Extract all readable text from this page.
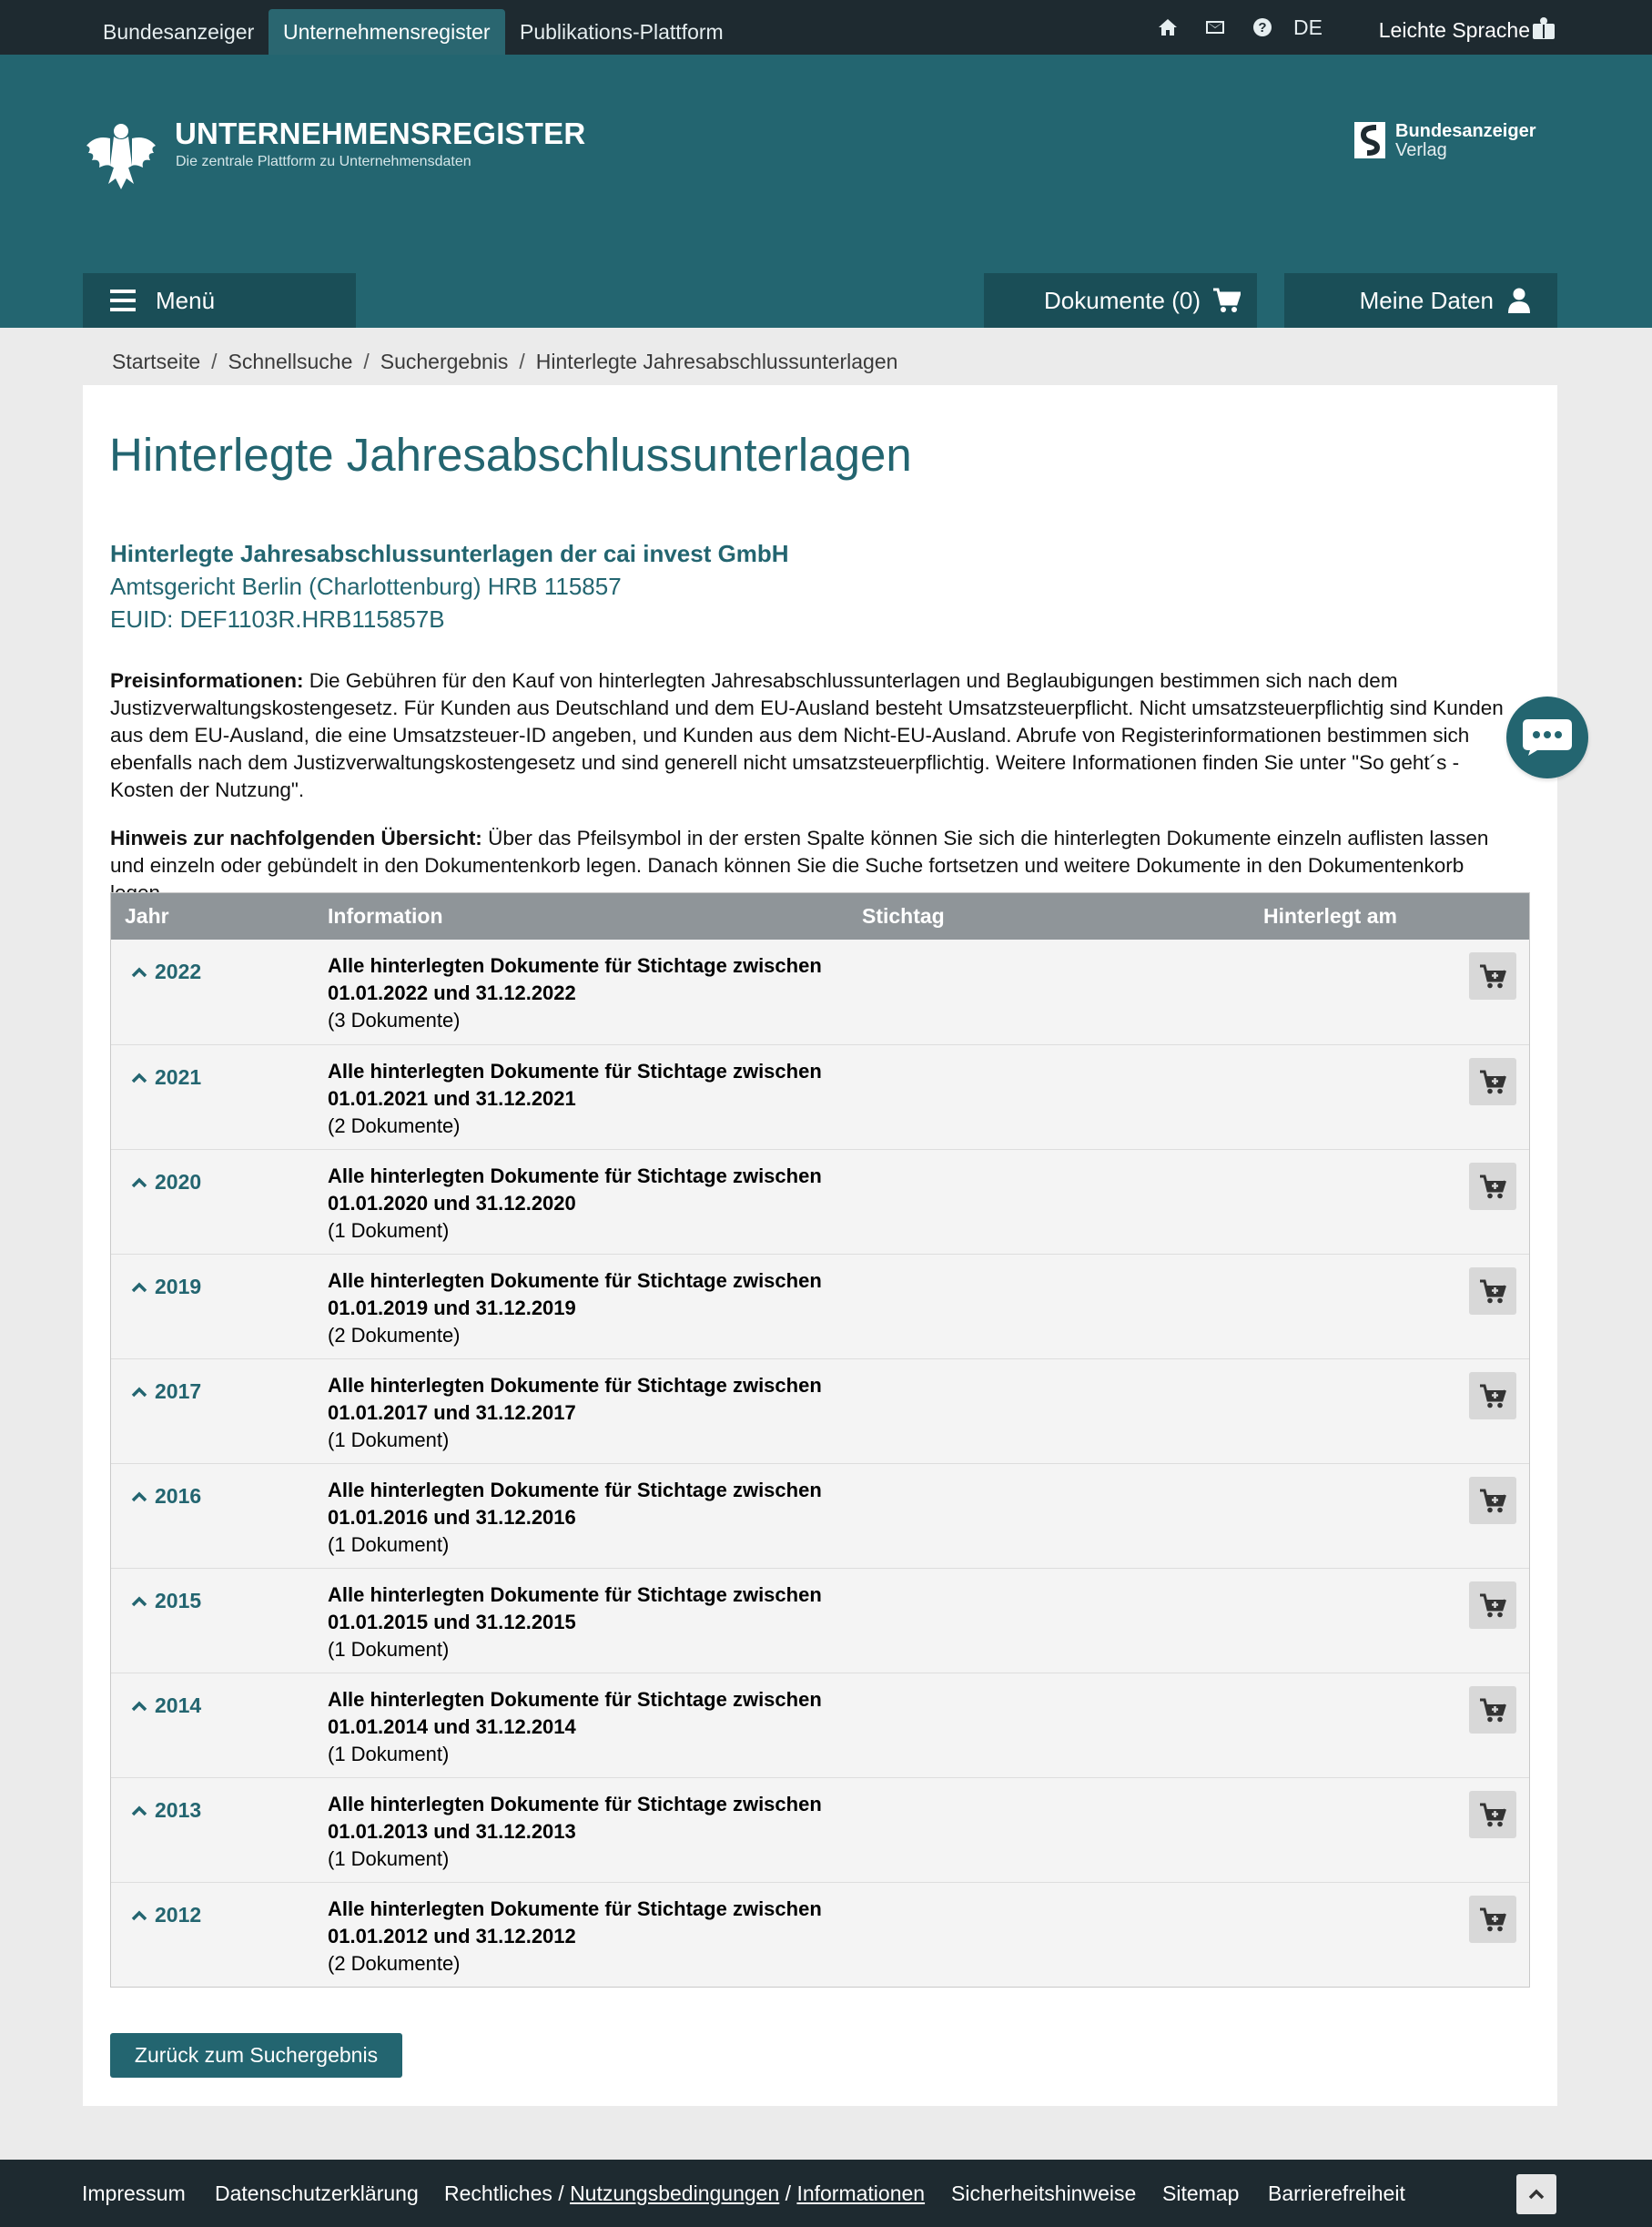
Bundesanzeiger	Unternehmensregister	Publikations-Plattform	? DE	Leichte Sprache
UNTERNEHMENSREGISTER
Die zentrale Plattform zu Unternehmensdaten
Bundesanzeiger
Verlag
Menü	Dokumente (0)	Meine Daten
Startseite / Schnellsuche / Suchergebnis / Hinterlegte Jahresabschlussunterlagen
Hinterlegte Jahresabschlussunterlagen
Hinterlegte Jahresabschlussunterlagen der cai invest GmbH
Amtsgericht Berlin (Charlottenburg) HRB 115857
EUID: DEF1103R.HRB115857B

Preisinformationen: Die Gebühren für den Kauf von hinterlegten Jahresabschlussunterlagen und Beglaubigungen bestimmen sich nach dem Justizverwaltungskostengesetz. Für Kunden aus Deutschland und dem EU-Ausland besteht Umsatzsteuerpflicht. Nicht umsatzsteuerpflichtig sind Kunden aus dem EU-Ausland, die eine Umsatzsteuer-ID angeben, und Kunden aus dem Nicht-EU-Ausland. Abrufe von Registerinformationen bestimmen sich ebenfalls nach dem Justizverwaltungskostengesetz und sind generell nicht umsatzsteuerpflichtig. Weitere Informationen finden Sie unter "So geht´s - Kosten der Nutzung".

Hinweis zur nachfolgenden Übersicht: Über das Pfeilsymbol in der ersten Spalte können Sie sich die hinterlegten Dokumente einzeln auflisten lassen und einzeln oder gebündelt in den Dokumentenkorb legen. Danach können Sie die Suche fortsetzen und weitere Dokumente in den Dokumentenkorb

Jahr	Information	Stichtag	Hinterlegt am
2022	Alle hinterlegten Dokumente für Stichtage zwischen
01.01.2022 und 31.12.2022
(3 Dokumente)
2021	Alle hinterlegten Dokumente für Stichtage zwischen
01.01.2021 und 31.12.2021
(2 Dokumente)
2020	Alle hinterlegten Dokumente für Stichtage zwischen
01.01.2020 und 31.12.2020
(1 Dokument)
2019	Alle hinterlegten Dokumente für Stichtage zwischen
01.01.2019 und 31.12.2019
(2 Dokumente)
2017	Alle hinterlegten Dokumente für Stichtage zwischen
01.01.2017 und 31.12.2017
(1 Dokument)
2016	Alle hinterlegten Dokumente für Stichtage zwischen
01.01.2016 und 31.12.2016
(1 Dokument)
2015	Alle hinterlegten Dokumente für Stichtage zwischen
01.01.2015 und 31.12.2015
(1 Dokument)
2014	Alle hinterlegten Dokumente für Stichtage zwischen
01.01.2014 und 31.12.2014
(1 Dokument)
2013	Alle hinterlegten Dokumente für Stichtage zwischen
01.01.2013 und 31.12.2013
(1 Dokument)
2012	Alle hinterlegten Dokumente für Stichtage zwischen
01.01.2012 und 31.12.2012
(2 Dokumente)
Zurück zum Suchergebnis
Impressum Datenschutzerklärung Rechtliches / Nutzungsbedingungen / Informationen Sicherheitshinweise Sitemap Barrierefreiheit
